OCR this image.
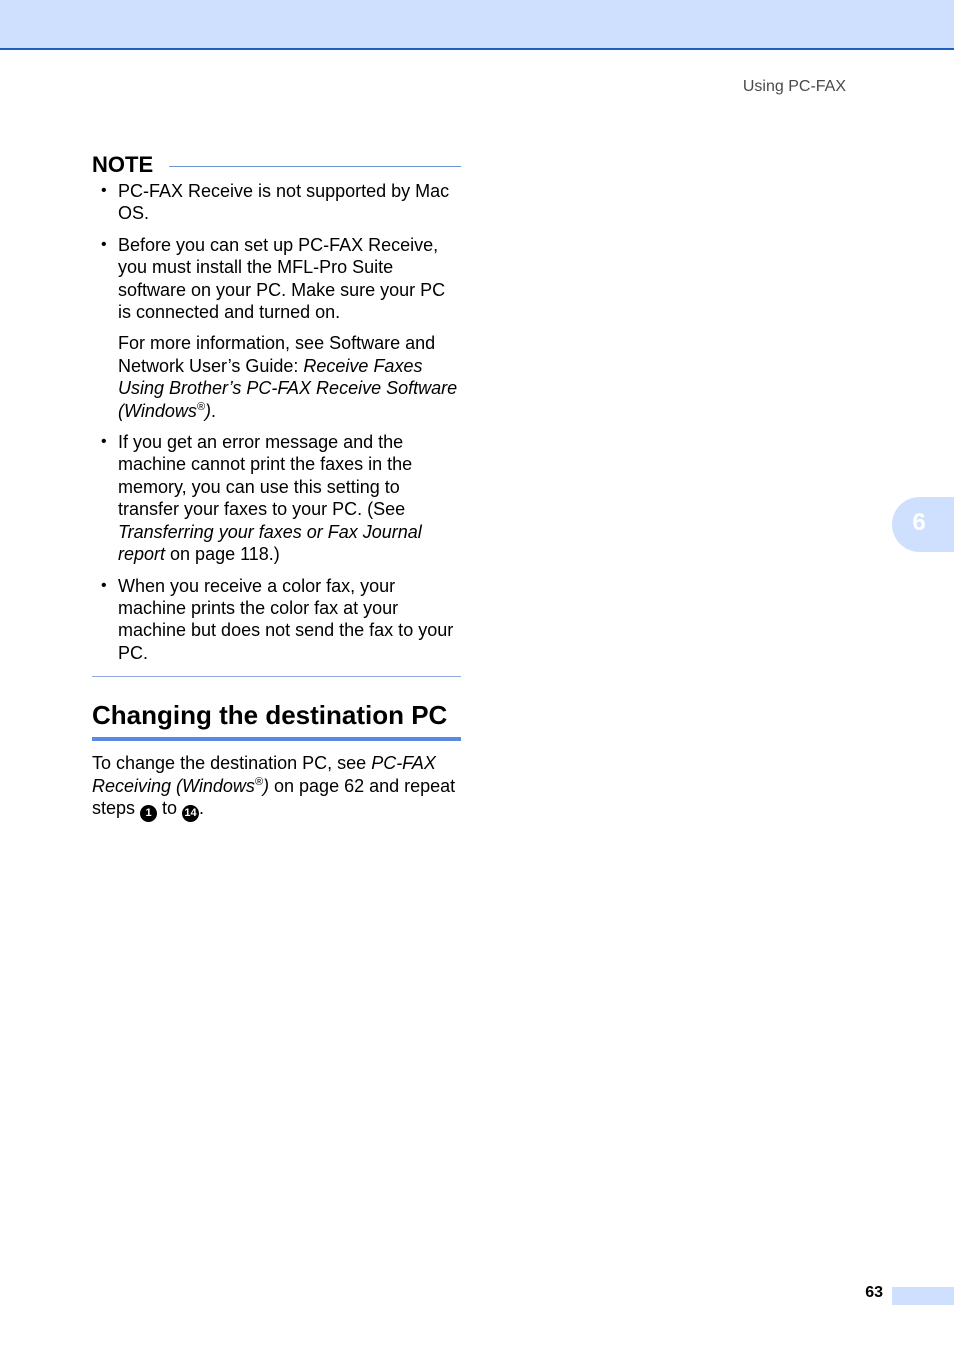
Using PC-FAX
NOTE
• PC-FAX Receive is not supported by Mac OS.

• Before you can set up PC-FAX Receive, you must install the MFL-Pro Suite software on your PC. Make sure your PC is connected and turned on.

For more information, see Software and Network User’s Guide: Receive Faxes Using Brother’s PC-FAX Receive Software (Windows®).

• If you get an error message and the machine cannot print the faxes in the memory, you can use this setting to transfer your faxes to your PC. (See Transferring your faxes or Fax Journal report on page 118.)

• When you receive a color fax, your machine prints the color fax at your machine but does not send the fax to your PC.

Changing the destination PC

To change the destination PC, see PC-FAX Receiving (Windows®) on page 62 and repeat steps 1 to 14 .

6
63
